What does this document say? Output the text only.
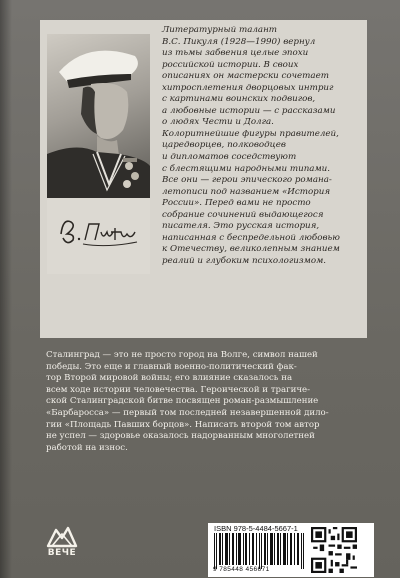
Литературный талант
В.С. Пикуля (1928—1990) вернул
из тьмы забвения целые эпохи
российской истории. В своих
описаниях он мастерски сочетает
хитросплетения дворцовых интриг
с картинами воинских подвигов,
а любовные истории — с рассказами
о людях Чести и Долга.
Колоритнейшие фигуры правителей,
царедворцев, полководцев
и дипломатов соседствуют
с блестящими народными типами.
Все они — герои эпического романа-
летописи под названием «История
России». Перед вами не просто
собрание сочинений выдающегося
писателя. Это русская история,
написанная с беспредельной любовью
к Отечеству, великолепным знанием
реалий и глубоким психологизмом.
Сталинград — это не просто город на Волге, символ нашей
победы. Это еще и главный военно-политический фак-
тор Второй мировой войны; его влияние сказалось на
всем ходе истории человечества. Героической и трагиче-
ской Сталинградской битве посвящен роман-размышление
«Барбаросса» — первый том последней незавершенной дило-
гии «Площадь Павших борцов». Написать второй том автор
не успел — здоровье оказалось надорванным многолетней
работой на износ.
ВЕЧЕ
ISBN 978-5-4484-5667-1
9 785448 456671
